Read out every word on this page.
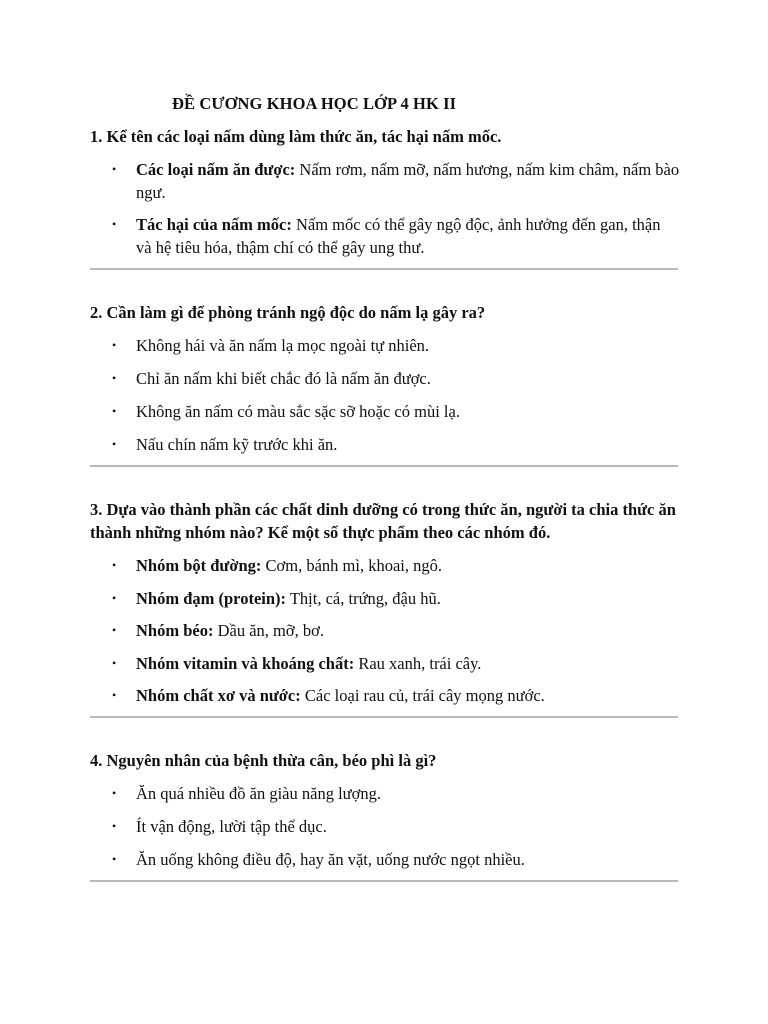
ĐỀ CƯƠNG KHOA HỌC LỚP 4 HK II

1. Kể tên các loại nấm dùng làm thức ăn, tác hại nấm mốc.

• Các loại nấm ăn được: Nấm rơm, nấm mỡ, nấm hương, nấm kim châm, nấm bào ngư.
• Tác hại của nấm mốc: Nấm mốc có thể gây ngộ độc, ảnh hưởng đến gan, thận và hệ tiêu hóa, thậm chí có thể gây ung thư.

2. Cần làm gì để phòng tránh ngộ độc do nấm lạ gây ra?

• Không hái và ăn nấm lạ mọc ngoài tự nhiên.
• Chỉ ăn nấm khi biết chắc đó là nấm ăn được.
• Không ăn nấm có màu sắc sặc sỡ hoặc có mùi lạ.
• Nấu chín nấm kỹ trước khi ăn.

3. Dựa vào thành phần các chất dinh dưỡng có trong thức ăn, người ta chia thức ăn thành những nhóm nào? Kể một số thực phẩm theo các nhóm đó.

• Nhóm bột đường: Cơm, bánh mì, khoai, ngô.
• Nhóm đạm (protein): Thịt, cá, trứng, đậu hũ.
• Nhóm béo: Dầu ăn, mỡ, bơ.
• Nhóm vitamin và khoáng chất: Rau xanh, trái cây.
• Nhóm chất xơ và nước: Các loại rau củ, trái cây mọng nước.

4. Nguyên nhân của bệnh thừa cân, béo phì là gì?

• Ăn quá nhiều đồ ăn giàu năng lượng.
• Ít vận động, lười tập thể dục.
• Ăn uống không điều độ, hay ăn vặt, uống nước ngọt nhiều.
